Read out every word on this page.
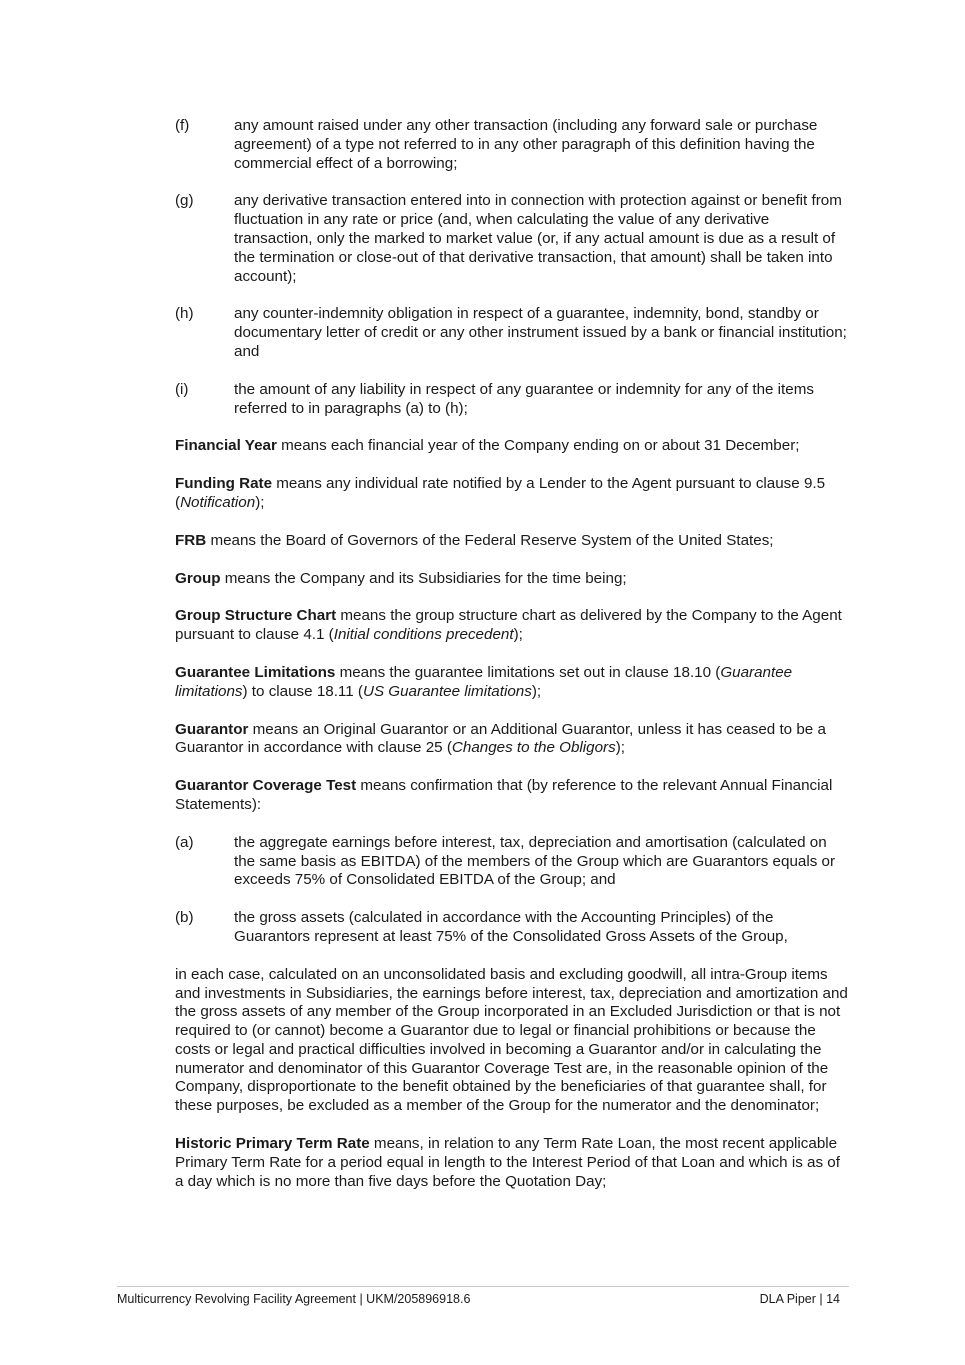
(f)	any amount raised under any other transaction (including any forward sale or purchase agreement) of a type not referred to in any other paragraph of this definition having the commercial effect of a borrowing;
(g)	any derivative transaction entered into in connection with protection against or benefit from fluctuation in any rate or price (and, when calculating the value of any derivative transaction, only the marked to market value (or, if any actual amount is due as a result of the termination or close-out of that derivative transaction, that amount) shall be taken into account);
(h)	any counter-indemnity obligation in respect of a guarantee, indemnity, bond, standby or documentary letter of credit or any other instrument issued by a bank or financial institution; and
(i)	the amount of any liability in respect of any guarantee or indemnity for any of the items referred to in paragraphs (a) to (h);
Financial Year means each financial year of the Company ending on or about 31 December;
Funding Rate means any individual rate notified by a Lender to the Agent pursuant to clause 9.5 (Notification);
FRB means the Board of Governors of the Federal Reserve System of the United States;
Group means the Company and its Subsidiaries for the time being;
Group Structure Chart means the group structure chart as delivered by the Company to the Agent pursuant to clause 4.1 (Initial conditions precedent);
Guarantee Limitations means the guarantee limitations set out in clause 18.10 (Guarantee limitations) to clause 18.11 (US Guarantee limitations);
Guarantor means an Original Guarantor or an Additional Guarantor, unless it has ceased to be a Guarantor in accordance with clause 25 (Changes to the Obligors);
Guarantor Coverage Test means confirmation that (by reference to the relevant Annual Financial Statements):
(a)	the aggregate earnings before interest, tax, depreciation and amortisation (calculated on the same basis as EBITDA) of the members of the Group which are Guarantors equals or exceeds 75% of Consolidated EBITDA of the Group; and
(b)	the gross assets (calculated in accordance with the Accounting Principles) of the Guarantors represent at least 75% of the Consolidated Gross Assets of the Group,
in each case, calculated on an unconsolidated basis and excluding goodwill, all intra-Group items and investments in Subsidiaries, the earnings before interest, tax, depreciation and amortization and the gross assets of any member of the Group incorporated in an Excluded Jurisdiction or that is not required to (or cannot) become a Guarantor due to legal or financial prohibitions or because the costs or legal and practical difficulties involved in becoming a Guarantor and/or in calculating the numerator and denominator of this Guarantor Coverage Test are, in the reasonable opinion of the Company, disproportionate to the benefit obtained by the beneficiaries of that guarantee shall, for these purposes, be excluded as a member of the Group for the numerator and the denominator;
Historic Primary Term Rate means, in relation to any Term Rate Loan, the most recent applicable Primary Term Rate for a period equal in length to the Interest Period of that Loan and which is as of a day which is no more than five days before the Quotation Day;
Multicurrency Revolving Facility Agreement | UKM/205896918.6	DLA Piper | 14
